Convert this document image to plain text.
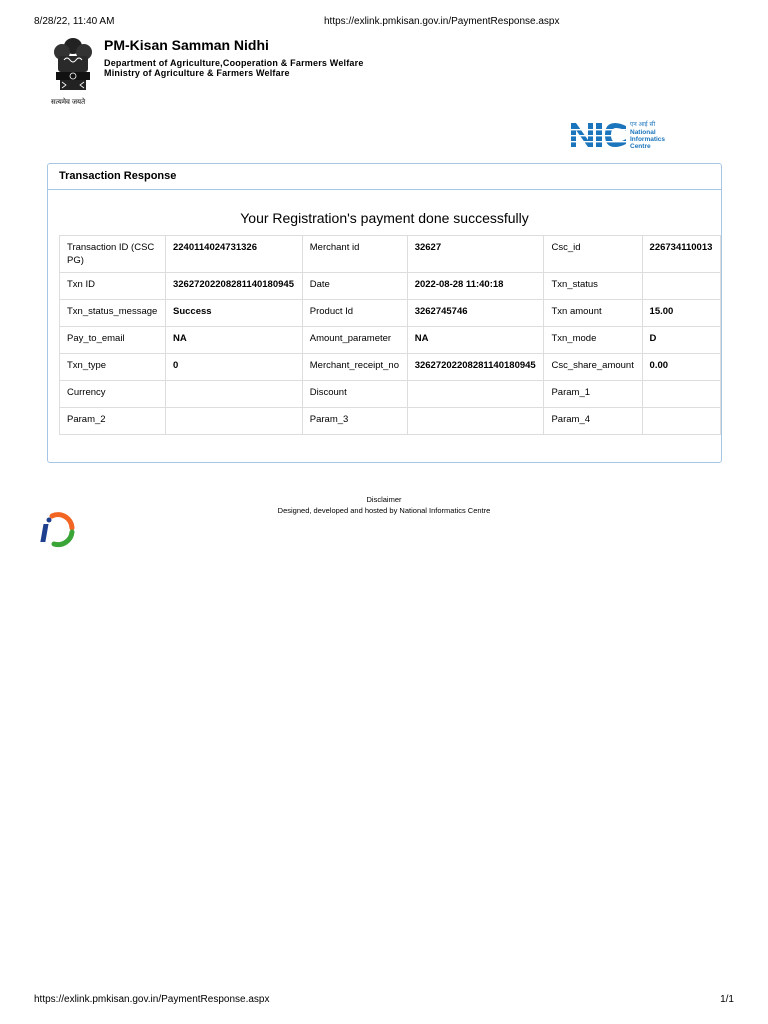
8/28/22, 11:40 AM	https://exlink.pmkisan.gov.in/PaymentResponse.aspx
सत्यमेव जयते
PM-Kisan Samman Nidhi
Department of Agriculture,Cooperation & Farmers Welfare
Ministry of Agriculture & Farmers Welfare
एन आई सी
National
Informatics
Centre
Transaction Response
Your Registration's payment done successfully
Transaction ID (CSC PG)	2240114024731326	Merchant id	32627	Csc_id	226734110013
Txn ID	32627202208281140180945	Date	2022-08-28 11:40:18	Txn_status	
Txn_status_message	Success	Product Id	3262745746	Txn amount	15.00
Pay_to_email	NA	Amount_parameter	NA	Txn_mode	D
Txn_type	0	Merchant_receipt_no	32627202208281140180945	Csc_share_amount	0.00
Currency		Discount		Param_1	
Param_2		Param_3		Param_4	
Disclaimer
Designed, developed and hosted by National Informatics Centre
https://exlink.pmkisan.gov.in/PaymentResponse.aspx	1/1
